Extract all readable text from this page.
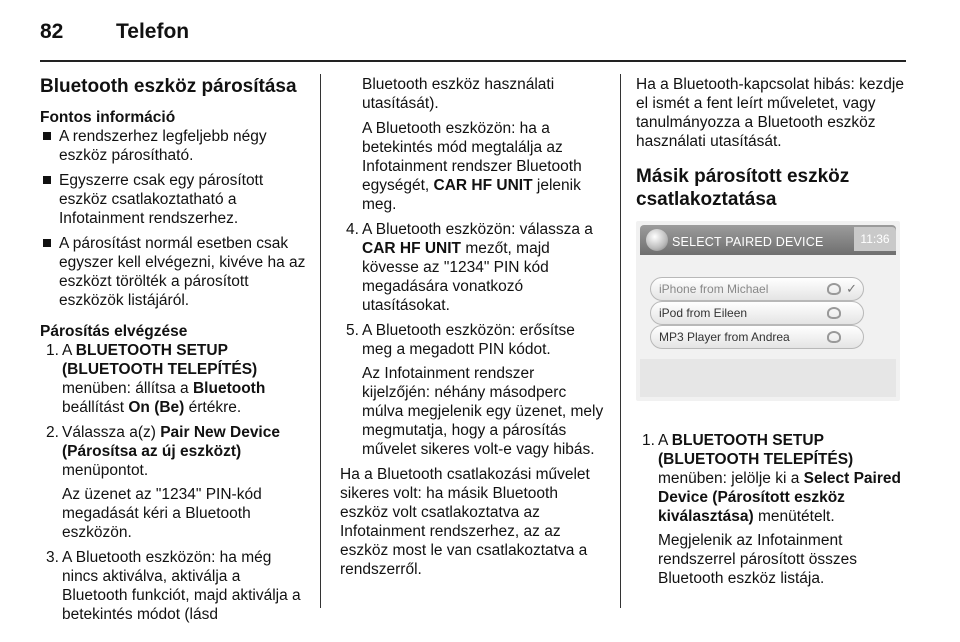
82	Telefon
Bluetooth eszköz párosítása
Fontos információ
A rendszerhez legfeljebb négy eszköz párosítható.
Egyszerre csak egy párosított eszköz csatlakoztatható a Infotainment rendszerhez.
A párosítást normál esetben csak egyszer kell elvégezni, kivéve ha az eszközt törölték a párosított eszközök listájáról.
Párosítás elvégzése
1. A BLUETOOTH SETUP (BLUETOOTH TELEPÍTÉS) menüben: állítsa a Bluetooth beállítást On (Be) értékre.
2. Válassza a(z) Pair New Device (Párosítsa az új eszközt) menüpontot.
Az üzenet az "1234" PIN-kód megadását kéri a Bluetooth eszközön.
3. A Bluetooth eszközön: ha még nincs aktiválva, aktiválja a Bluetooth funkciót, majd aktiválja a betekintés módot (lásd

Bluetooth eszköz használati utasítását).

A Bluetooth eszközön: ha a betekintés mód megtalálja az Infotainment rendszer Bluetooth egységét, CAR HF UNIT jelenik meg.

4. A Bluetooth eszközön: válassza a CAR HF UNIT mezőt, majd kövesse az "1234" PIN kód megadására vonatkozó utasításokat.
5. A Bluetooth eszközön: erősítse meg a megadott PIN kódot.
Az Infotainment rendszer kijelzőjén: néhány másodperc múlva megjelenik egy üzenet, mely megmutatja, hogy a párosítás művelet sikeres volt-e vagy hibás.

Ha a Bluetooth csatlakozási művelet sikeres volt: ha másik Bluetooth eszköz volt csatlakoztatva az Infotainment rendszerhez, az az eszköz most le van csatlakoztatva a rendszerről.

Ha a Bluetooth-kapcsolat hibás: kezdje el ismét a fent leírt műveletet, vagy tanulmányozza a Bluetooth eszköz használati utasítását.

Másik párosított eszköz csatlakoztatása
SELECT PAIRED DEVICE	11:36
iPhone from Michael	✓
iPod from Eileen
MP3 Player from Andrea
1. A BLUETOOTH SETUP (BLUETOOTH TELEPÍTÉS) menüben: jelölje ki a Select Paired Device (Párosított eszköz kiválasztása) menütételt.
Megjelenik az Infotainment rendszerrel párosított összes Bluetooth eszköz listája.
